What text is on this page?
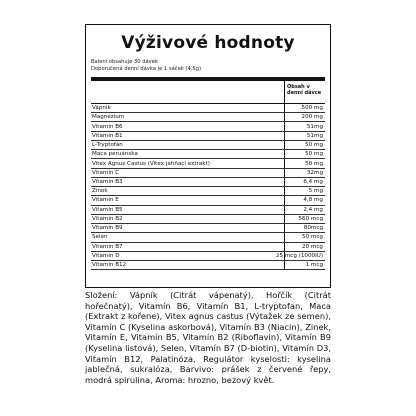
Výživové hodnoty
Balení obsahuje 30 dávek
Doporučená denní dávka je 1 sáček (4,5g)
Obsah v denní dávce
Vápník	500 mg
Magnézium	200 mg
Vitamín B6	51mg
Vitamín B1	51mg
L-Tryptofán	50 mg
Maca peruánska	50 mg
Vitex Agnus Castus (Vitex jahňací extrakt)	50 mg
Vitamín C	32mg
Vitamín B3	6,4 mg
Zinok	5 mg
Vitamín E	4,8 mg
Vitamín B5	2,4 mg
Vitamín B2	560 mcg
Vitamín B9	80mcg
Selén	50 mcg
Vitamín B7	20 mcg
Vitamín D	25 mcg (1000IU)
Vitamín B12	1 mcg
Složení: Vápník (Citrát vápenatý), Hořčík (Citrát hořečnatý), Vitamín B6, Vitamín B1, L-tryptofan, Maca (Extrakt z kořene), Vitex agnus castus (Výtažek ze semen), Vitamín C (Kyselina askorbová), Vitamín B3 (Niacin), Zinek, Vitamín E, Vitamín B5, Vitamín B2 (Riboflavin), Vitamín B9 (Kyselina listová), Selen, Vitamín B7 (D-biotin), Vitamín D3, Vitamín B12, Palatinóza, Regulátor kyselosti: kyselina jablečná, sukralóza, Barvivo: prášek z červené řepy, modrá spirulina, Aroma: hrozno, bezový květ.
